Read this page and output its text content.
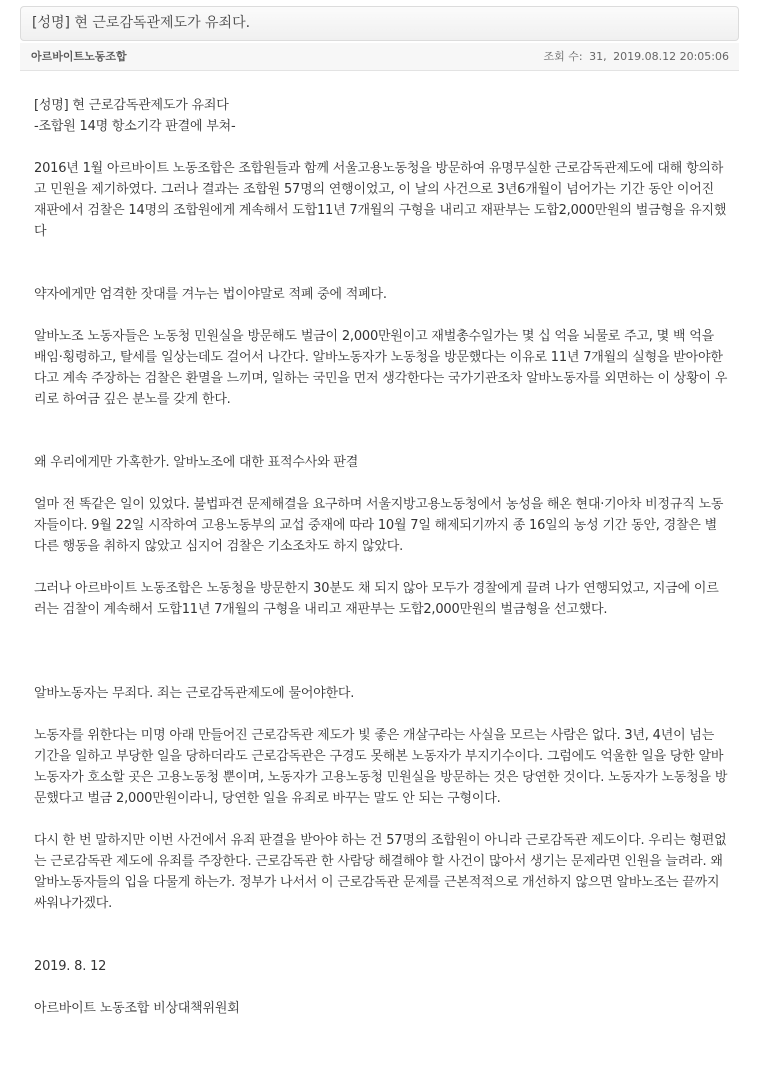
[성명] 현 근로감독관제도가 유죄다.
아르바이트노동조합	조회 수: 31, 2019.08.12 20:05:06

[성명] 현 근로감독관제도가 유죄다

-조합원 14명 항소기각 판결에 부쳐-

2016년 1월 아르바이트 노동조합은 조합원들과 함께 서울고용노동청을 방문하여 유명무실한 근로감독관제도에 대해 항의하고 민원을 제기하였다. 그러나 결과는 조합원 57명의 연행이었고, 이 날의 사건으로 3년6개월이 넘어가는 기간 동안 이어진 재판에서 검찰은 14명의 조합원에게 계속해서 도합11년 7개월의 구형을 내리고 재판부는 도합2,000만원의 벌금형을 유지했다

약자에게만 엄격한 잣대를 겨누는 법이야말로 적폐 중에 적폐다.

알바노조 노동자들은 노동청 민원실을 방문해도 벌금이 2,000만원이고 재벌총수일가는 몇 십 억을 뇌물로 주고, 몇 백 억을 배임·횡령하고, 탈세를 일상는데도 걸어서 나간다. 알바노동자가 노동청을 방문했다는 이유로 11년 7개월의 실형을 받아야한다고 계속 주장하는 검찰은 환멸을 느끼며, 일하는 국민을 먼저 생각한다는 국가기관조차 알바노동자를 외면하는 이 상황이 우리로 하여금 깊은 분노를 갖게 한다.

왜 우리에게만 가혹한가. 알바노조에 대한 표적수사와 판결

얼마 전 똑같은 일이 있었다. 불법파견 문제해결을 요구하며 서울지방고용노동청에서 농성을 해온 현대·기아차 비정규직 노동자들이다. 9월 22일 시작하여 고용노동부의 교섭 중재에 따라 10월 7일 해제되기까지 종 16일의 농성 기간 동안, 경찰은 별다른 행동을 취하지 않았고 심지어 검찰은 기소조차도 하지 않았다.

그러나 아르바이트 노동조합은 노동청을 방문한지 30분도 채 되지 않아 모두가 경찰에게 끌려 나가 연행되었고, 지금에 이르러는 검찰이 계속해서 도합11년 7개월의 구형을 내리고 재판부는 도합2,000만원의 벌금형을 선고했다.

알바노동자는 무죄다. 죄는 근로감독관제도에 물어야한다.

노동자를 위한다는 미명 아래 만들어진 근로감독관 제도가 빛 좋은 개살구라는 사실을 모르는 사람은 없다. 3년, 4년이 넘는 기간을 일하고 부당한 일을 당하더라도 근로감독관은 구경도 못해본 노동자가 부지기수이다. 그럼에도 억울한 일을 당한 알바노동자가 호소할 곳은 고용노동청 뿐이며, 노동자가 고용노동청 민원실을 방문하는 것은 당연한 것이다. 노동자가 노동청을 방문했다고 벌금 2,000만원이라니, 당연한 일을 유죄로 바꾸는 말도 안 되는 구형이다.

다시 한 번 말하지만 이번 사건에서 유죄 판결을 받아야 하는 건 57명의 조합원이 아니라 근로감독관 제도이다. 우리는 형편없는 근로감독관 제도에 유죄를 주장한다. 근로감독관 한 사람당 해결해야 할 사건이 많아서 생기는 문제라면 인원을 늘려라. 왜 알바노동자들의 입을 다물게 하는가. 정부가 나서서 이 근로감독관 문제를 근본적적으로 개선하지 않으면 알바노조는 끝까지 싸워나가겠다.

2019. 8. 12

아르바이트 노동조합 비상대책위원회
